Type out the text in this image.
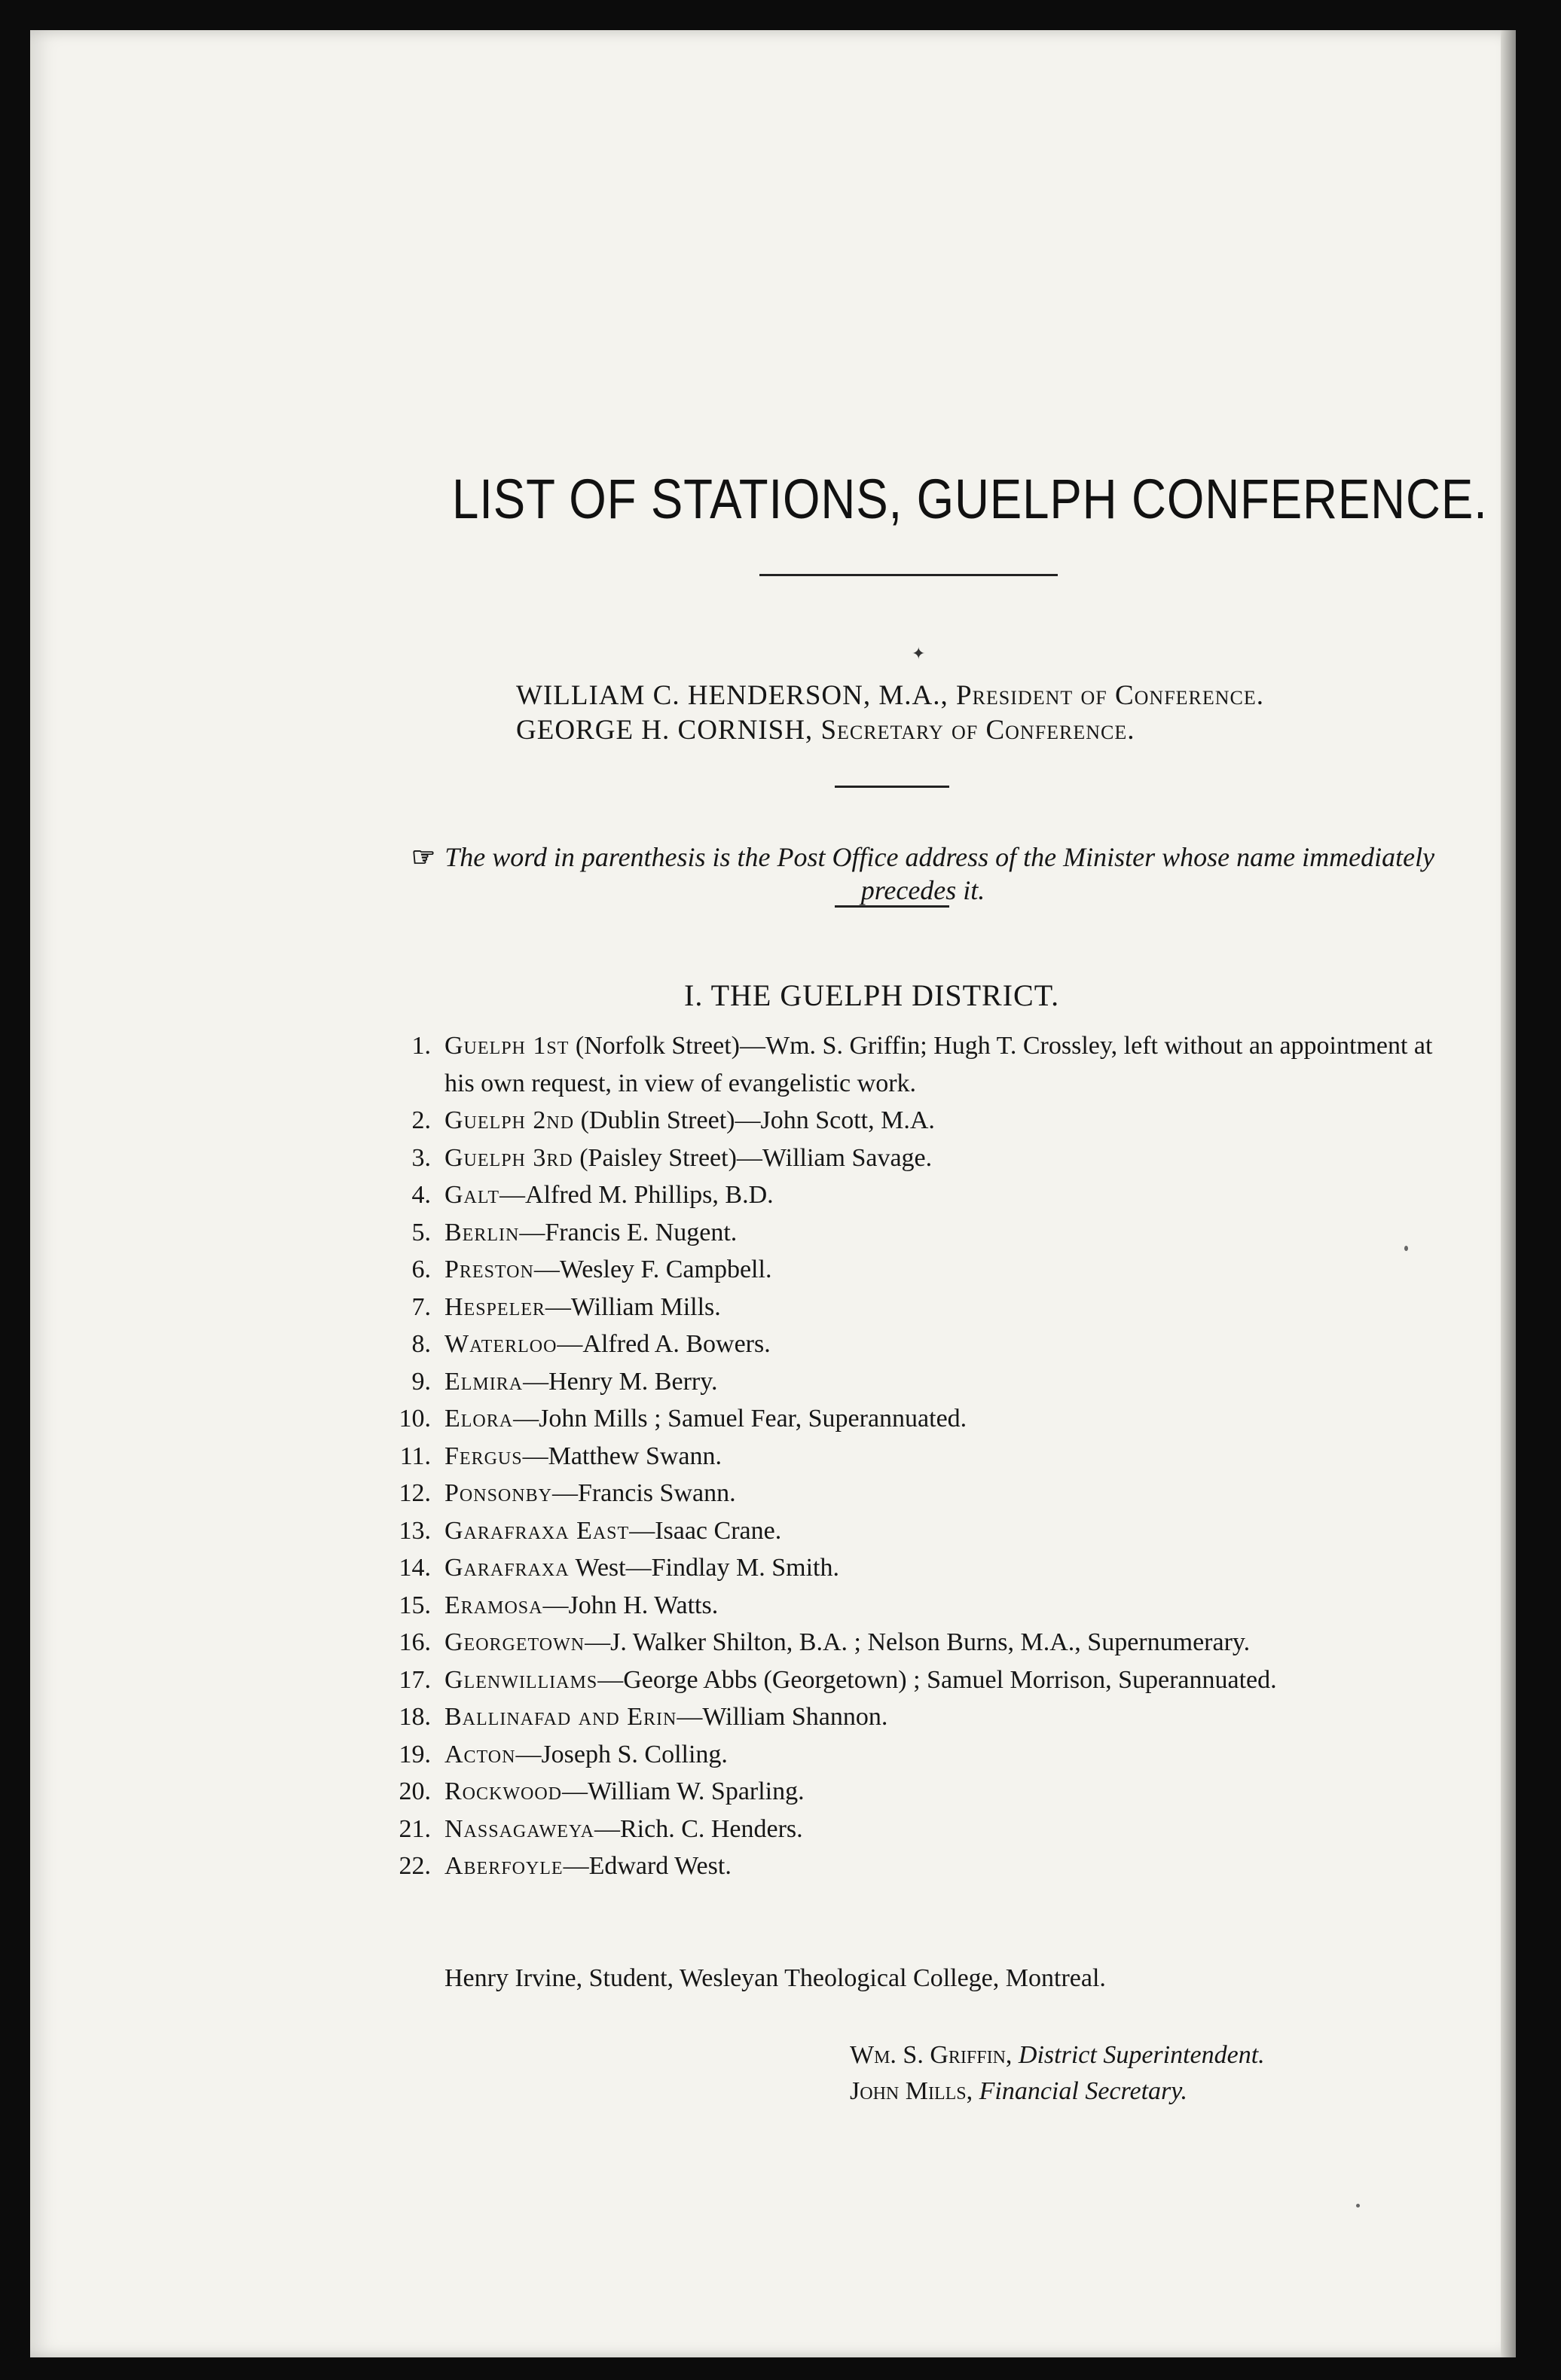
LIST OF STATIONS, GUELPH CONFERENCE.
✦
WILLIAM C. HENDERSON, M.A., President of Conference.
GEORGE H. CORNISH, Secretary of Conference.
☞ The word in parenthesis is the Post Office address of the Minister whose name immediately precedes it.
I. THE GUELPH DISTRICT.
1. Guelph 1st (Norfolk Street)—Wm. S. Griffin; Hugh T. Crossley, left without an appointment at his own request, in view of evangelistic work.
2. Guelph 2nd (Dublin Street)—John Scott, M.A.
3. Guelph 3rd (Paisley Street)—William Savage.
4. Galt—Alfred M. Phillips, B.D.
5. Berlin—Francis E. Nugent.
6. Preston—Wesley F. Campbell.
7. Hespeler—William Mills.
8. Waterloo—Alfred A. Bowers.
9. Elmira—Henry M. Berry.
10. Elora—John Mills ; Samuel Fear, Superannuated.
11. Fergus—Matthew Swann.
12. Ponsonby—Francis Swann.
13. Garafraxa East—Isaac Crane.
14. Garafraxa West—Findlay M. Smith.
15. Eramosa—John H. Watts.
16. Georgetown—J. Walker Shilton, B.A. ; Nelson Burns, M.A., Supernumerary.
17. Glenwilliams—George Abbs (Georgetown) ; Samuel Morrison, Superannuated.
18. Ballinafad and Erin—William Shannon.
19. Acton—Joseph S. Colling.
20. Rockwood—William W. Sparling.
21. Nassagaweya—Rich. C. Henders.
22. Aberfoyle—Edward West.
Henry Irvine, Student, Wesleyan Theological College, Montreal.
Wm. S. Griffin, District Superintendent.
John Mills, Financial Secretary.
